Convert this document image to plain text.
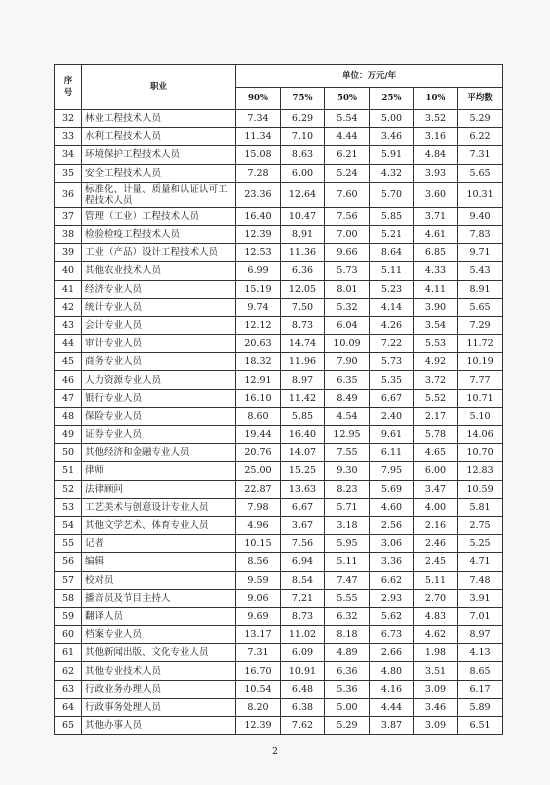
序号	职业	单位：万元/年					
		90%	75%	50%	25%	10%	平均数
32	林业工程技术人员	7.34	6.29	5.54	5.00	3.52	5.29
33	水利工程技术人员	11.34	7.10	4.44	3.46	3.16	6.22
34	环境保护工程技术人员	15.08	8.63	6.21	5.91	4.84	7.31
35	安全工程技术人员	7.28	6.00	5.24	4.32	3.93	5.65
36	标准化、计量、质量和认证认可工程技术人员	23.36	12.64	7.60	5.70	3.60	10.31
37	管理（工业）工程技术人员	16.40	10.47	7.56	5.85	3.71	9.40
38	检验检疫工程技术人员	12.39	8.91	7.00	5.21	4.61	7.83
39	工业（产品）设计工程技术人员	12.53	11.36	9.66	8.64	6.85	9.71
40	其他农业技术人员	6.99	6.36	5.73	5.11	4.33	5.43
41	经济专业人员	15.19	12.05	8.01	5.23	4.11	8.91
42	统计专业人员	9.74	7.50	5.32	4.14	3.90	5.65
43	会计专业人员	12.12	8.73	6.04	4.26	3.54	7.29
44	审计专业人员	20.63	14.74	10.09	7.22	5.53	11.72
45	商务专业人员	18.32	11.96	7.90	5.73	4.92	10.19
46	人力资源专业人员	12.91	8.97	6.35	5.35	3.72	7.77
47	银行专业人员	16.10	11.42	8.49	6.67	5.52	10.71
48	保险专业人员	8.60	5.85	4.54	2.40	2.17	5.10
49	证券专业人员	19.44	16.40	12.95	9.61	5.78	14.06
50	其他经济和金融专业人员	20.76	14.07	7.55	6.11	4.65	10.70
51	律师	25.00	15.25	9.30	7.95	6.00	12.83
52	法律顾问	22.87	13.63	8.23	5.69	3.47	10.59
53	工艺美术与创意设计专业人员	7.98	6.67	5.71	4.60	4.00	5.81
54	其他文学艺术、体育专业人员	4.96	3.67	3.18	2.56	2.16	2.75
55	记者	10.15	7.56	5.95	3.06	2.46	5.25
56	编辑	8.56	6.94	5.11	3.36	2.45	4.71
57	校对员	9.59	8.54	7.47	6.62	5.11	7.48
58	播音员及节目主持人	9.06	7.21	5.55	2.93	2.70	3.91
59	翻译人员	9.69	8.73	6.32	5.62	4.83	7.01
60	档案专业人员	13.17	11.02	8.18	6.73	4.62	8.97
61	其他新闻出版、文化专业人员	7.31	6.09	4.89	2.66	1.98	4.13
62	其他专业技术人员	16.70	10.91	6.36	4.80	3.51	8.65
63	行政业务办理人员	10.54	6.48	5.36	4.16	3.09	6.17
64	行政事务处理人员	8.20	6.38	5.00	4.44	3.46	5.89
65	其他办事人员	12.39	7.62	5.29	3.87	3.09	6.51
2
